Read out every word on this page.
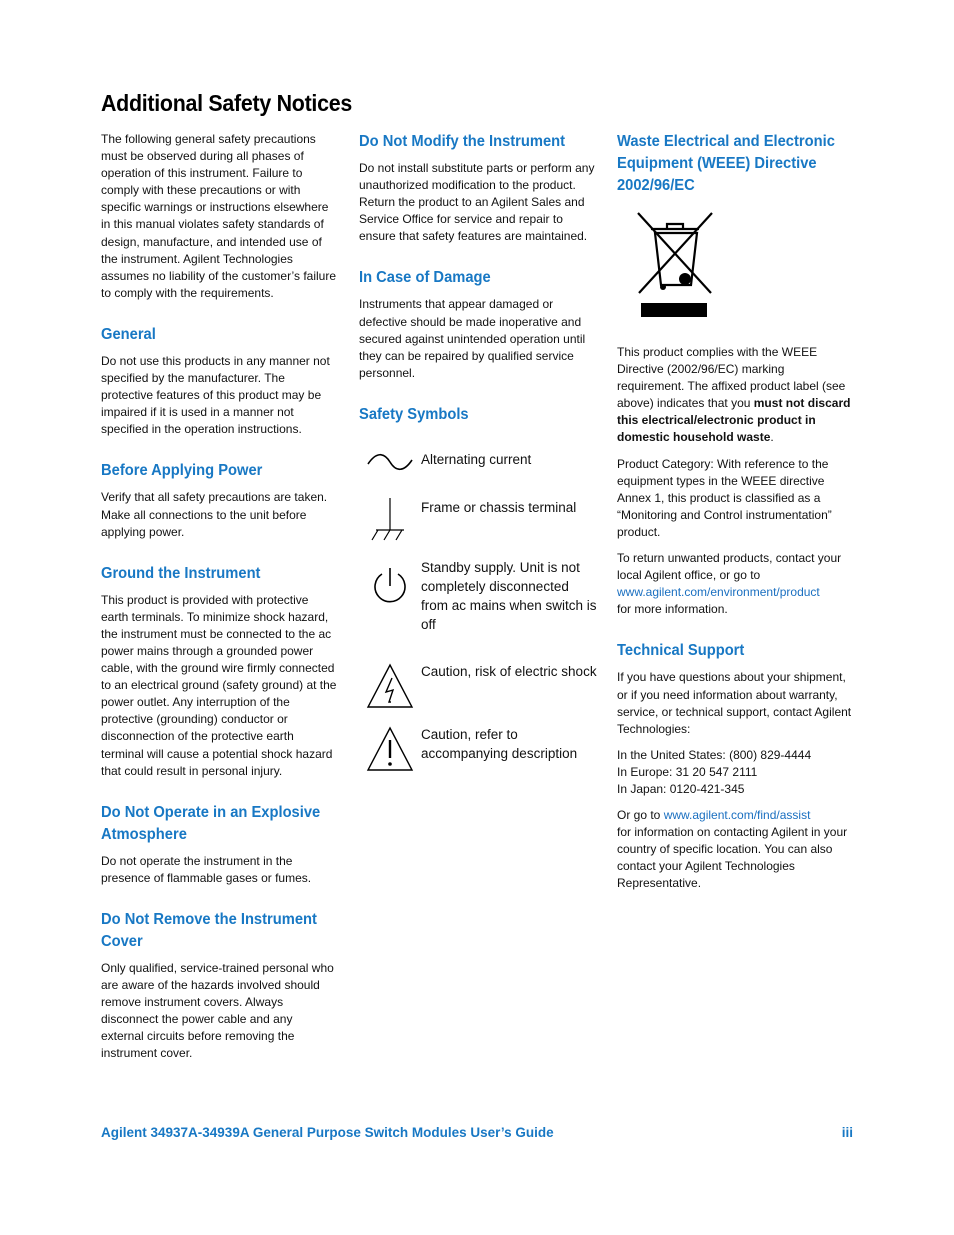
Additional Safety Notices

The following general safety precautions must be observed during all phases of operation of this instrument. Failure to comply with these precautions or with specific warnings or instructions elsewhere in this manual violates safety standards of design, manufacture, and intended use of the instrument. Agilent Technologies assumes no liability of the customer’s failure to comply with the requirements.

General

Do not use this products in any manner not specified by the manufacturer. The protective features of this product may be impaired if it is used in a manner not specified in the operation instructions.

Before Applying Power

Verify that all safety precautions are taken. Make all connections to the unit before applying power.

Ground the Instrument

This product is provided with protective earth terminals. To minimize shock hazard, the instrument must be connected to the ac power mains through a grounded power cable, with the ground wire firmly connected to an electrical ground (safety ground) at the power outlet. Any interruption of the protective (grounding) conductor or disconnection of the protective earth terminal will cause a potential shock hazard that could result in personal injury.

Do Not Operate in an Explosive Atmosphere

Do not operate the instrument in the presence of flammable gases or fumes.

Do Not Remove the Instrument Cover

Only qualified, service-trained personal who are aware of the hazards involved should remove instrument covers. Always disconnect the power cable and any external circuits before removing the instrument cover.

Do Not Modify the Instrument

Do not install substitute parts or perform any unauthorized modification to the product. Return the product to an Agilent Sales and Service Office for service and repair to ensure that safety features are maintained.

In Case of Damage

Instruments that appear damaged or defective should be made inoperative and secured against unintended operation until they can be repaired by qualified service personnel.

Safety Symbols
Alternating current
Frame or chassis terminal
Standby supply. Unit is not completely disconnected from ac mains when switch is off
Caution, risk of electric shock
Caution, refer to accompanying description
Waste Electrical and Electronic Equipment (WEEE) Directive 2002/96/EC

This product complies with the WEEE Directive (2002/96/EC) marking requirement. The affixed product label (see above) indicates that you must not discard this electrical/electronic product in domestic household waste.

Product Category: With reference to the equipment types in the WEEE directive Annex 1, this product is classified as a “Monitoring and Control instrumentation” product.

To return unwanted products, contact your local Agilent office, or go to
www.agilent.com/environment/product
for more information.

Technical Support

If you have questions about your shipment, or if you need information about warranty, service, or technical support, contact Agilent Technologies:

In the United States: (800) 829-4444
In Europe: 31 20 547 2111
In Japan: 0120-421-345

Or go to www.agilent.com/find/assist
for information on contacting Agilent in your country of specific location. You can also contact your Agilent Technologies Representative.

Agilent 34937A-34939A General Purpose Switch Modules User’s Guide	iii
